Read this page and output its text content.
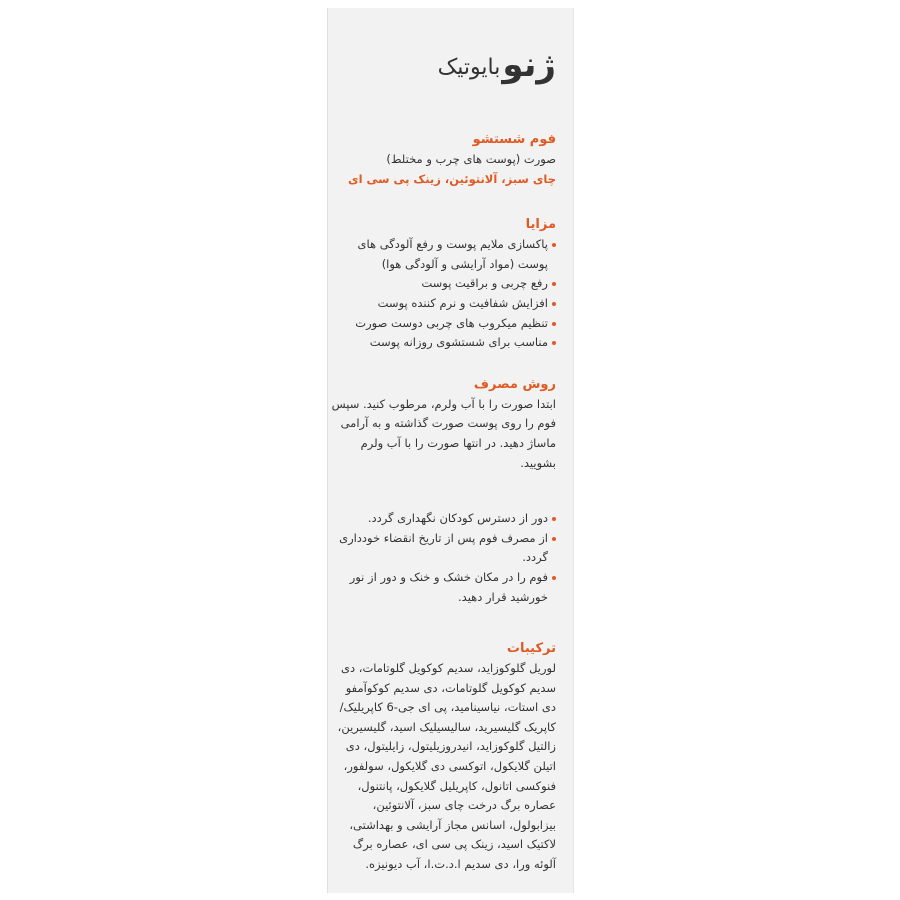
ژنو
بایوتیک
فوم شستشو
صورت (پوست های چرب و مختلط)
چای سبز، آلانتوئین، زینک پی سی ای
مزایا
پاکسازی ملایم پوست و رفع آلودگی های پوست (مواد آرایشی و آلودگی هوا)
رفع چربی و براقیت پوست
افزایش شفافیت و نرم کننده پوست
تنظیم میکروب های چربی دوست صورت
مناسب برای شستشوی روزانه پوست
روش مصرف
ابتدا صورت را با آب ولرم، مرطوب کنید. سپس فوم را روی پوست صورت گذاشته و به آرامی ماساژ دهید. در انتها صورت را با آب ولرم بشویید.
دور از دسترس کودکان نگهداری گردد.
از مصرف فوم پس از تاریخ انقضاء خودداری گردد.
فوم را در مکان خشک و خنک و دور از نور خورشید قرار دهید.
ترکیبات
لوریل گلوکوزاید، سدیم کوکویل گلوتامات، دی سدیم کوکویل گلوتامات، دی سدیم کوکوآمفو دی استات، نیاسینامید، پی ای جی-6 کاپریلیک/ کاپریک گلیسیرید، سالیسیلیک اسید، گلیسیرین، زالتیل گلوکوزاید، انیدروزیلیتول، زایلیتول، دی اتیلن گلایکول، اتوکسی دی گلایکول، سولفور، فنوکسی اتانول، کاپریلیل گلایکول، پانتنول، عصاره برگ درخت چای سبز، آلانتوئین، بیزابولول، اسانس مجاز آرایشی و بهداشتی، لاکتیک اسید، زینک پی سی ای، عصاره برگ آلوئه ورا، دی سدیم ا.د.ت.ا، آب دیونیزه.
